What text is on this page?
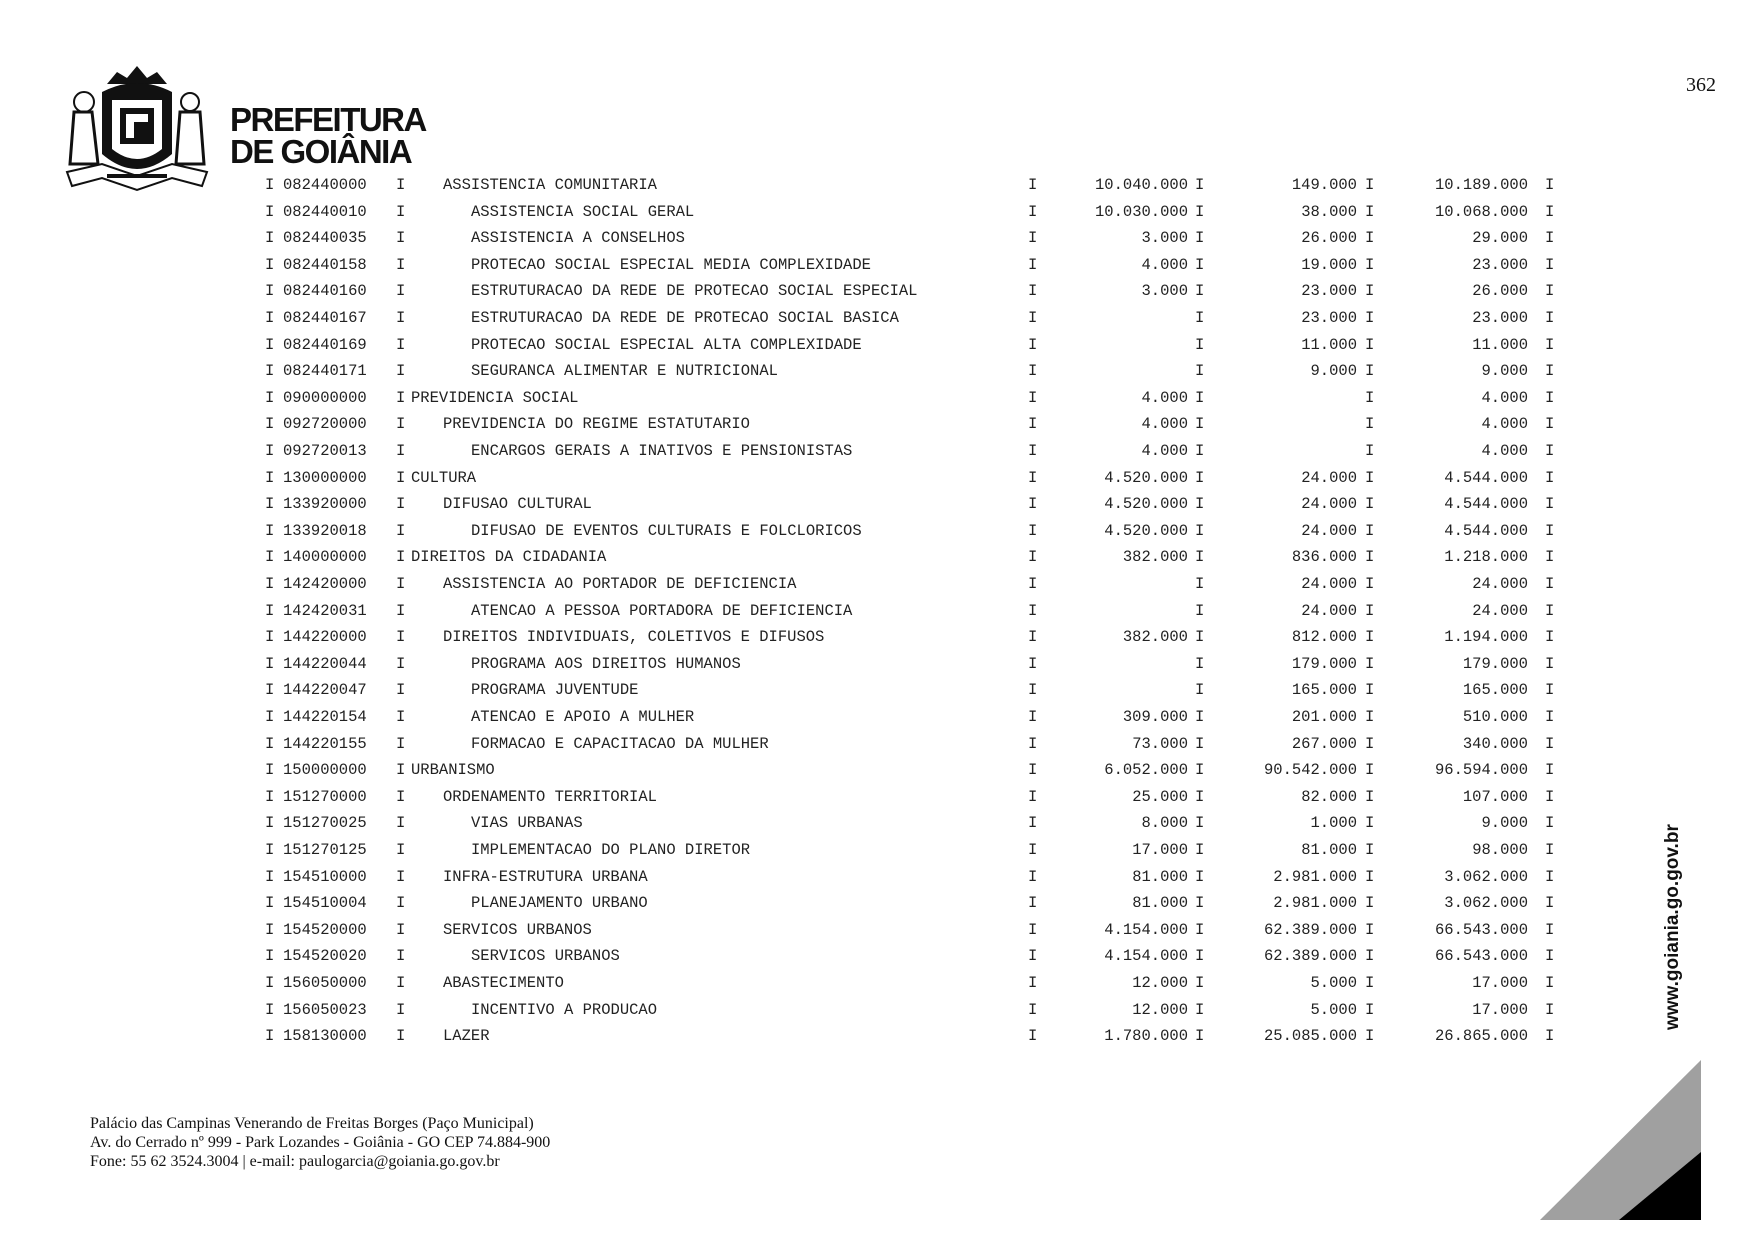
PREFEITURA
DE GOIÂNIA
362
I 082440000 I ASSISTENCIA COMUNITARIA	I	10.040.000 I	149.000 I	10.189.000 I
I 082440010 I	ASSISTENCIA SOCIAL GERAL	I	10.030.000 I	38.000 I	10.068.000 I
I 082440035 I	ASSISTENCIA A CONSELHOS	I	3.000 I	26.000 I	29.000 I
I 082440158 I	PROTECAO SOCIAL ESPECIAL MEDIA COMPLEXIDADE	I	4.000 I	19.000 I	23.000 I
I 082440160 I	ESTRUTURACAO DA REDE DE PROTECAO SOCIAL ESPECIAL	I	3.000 I	23.000 I	26.000 I
I 082440167 I	ESTRUTURACAO DA REDE DE PROTECAO SOCIAL BASICA	I	I	23.000 I	23.000 I
I 082440169 I	PROTECAO SOCIAL ESPECIAL ALTA COMPLEXIDADE	I	I	11.000 I	11.000 I
I 082440171 I	SEGURANCA ALIMENTAR E NUTRICIONAL	I	I	9.000 I	9.000 I
I 090000000 I PREVIDENCIA SOCIAL	I	4.000 I	I	4.000 I
I 092720000 I PREVIDENCIA DO REGIME ESTATUTARIO	I	4.000 I	I	4.000 I
I 092720013 I	ENCARGOS GERAIS A INATIVOS E PENSIONISTAS	I	4.000 I	I	4.000 I
I 130000000 I CULTURA	I	4.520.000 I	24.000 I	4.544.000 I
I 133920000 I DIFUSAO CULTURAL	I	4.520.000 I	24.000 I	4.544.000 I
I 133920018 I	DIFUSAO DE EVENTOS CULTURAIS E FOLCLORICOS	I	4.520.000 I	24.000 I	4.544.000 I
I 140000000 I DIREITOS DA CIDADANIA	I	382.000 I	836.000 I	1.218.000 I
I 142420000 I ASSISTENCIA AO PORTADOR DE DEFICIENCIA	I	I	24.000 I	24.000 I
I 142420031 I	ATENCAO A PESSOA PORTADORA DE DEFICIENCIA	I	I	24.000 I	24.000 I
I 144220000 I DIREITOS INDIVIDUAIS, COLETIVOS E DIFUSOS	I	382.000 I	812.000 I	1.194.000 I
I 144220044 I	PROGRAMA AOS DIREITOS HUMANOS	I	I	179.000 I	179.000 I
I 144220047 I	PROGRAMA JUVENTUDE	I	I	165.000 I	165.000 I
I 144220154 I	ATENCAO E APOIO A MULHER	I	309.000 I	201.000 I	510.000 I
I 144220155 I	FORMACAO E CAPACITACAO DA MULHER	I	73.000 I	267.000 I	340.000 I
I 150000000 I URBANISMO	I	6.052.000 I	90.542.000 I	96.594.000 I
I 151270000 I ORDENAMENTO TERRITORIAL	I	25.000 I	82.000 I	107.000 I
I 151270025 I	VIAS URBANAS	I	8.000 I	1.000 I	9.000 I
I 151270125 I	IMPLEMENTACAO DO PLANO DIRETOR	I	17.000 I	81.000 I	98.000 I
I 154510000 I INFRA-ESTRUTURA URBANA	I	81.000 I	2.981.000 I	3.062.000 I
I 154510004 I	PLANEJAMENTO URBANO	I	81.000 I	2.981.000 I	3.062.000 I
I 154520000 I SERVICOS URBANOS	I	4.154.000 I	62.389.000 I	66.543.000 I
I 154520020 I	SERVICOS URBANOS	I	4.154.000 I	62.389.000 I	66.543.000 I
I 156050000 I ABASTECIMENTO	I	12.000 I	5.000 I	17.000 I
I 156050023 I	INCENTIVO A PRODUCAO	I	12.000 I	5.000 I	17.000 I
I 158130000 I LAZER	I	1.780.000 I	25.085.000 I	26.865.000 I
www.goiania.go.gov.br
Palácio das Campinas Venerando de Freitas Borges (Paço Municipal)
Av. do Cerrado nº 999 - Park Lozandes - Goiânia - GO CEP 74.884-900
Fone: 55 62 3524.3004 | e-mail: paulogarcia@goiania.go.gov.br
